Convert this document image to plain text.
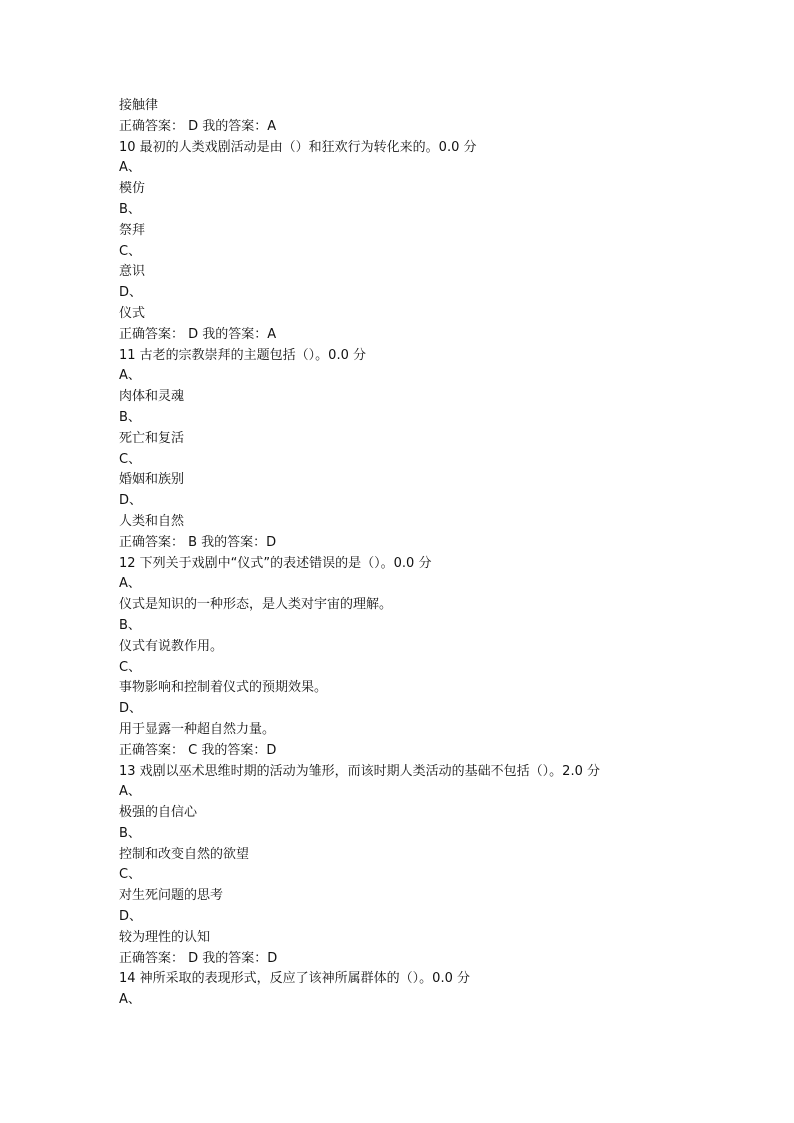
接触律

正确答案： D 我的答案：A

10 最初的人类戏剧活动是由（）和狂欢行为转化来的。0.0 分

A、

模仿

B、

祭拜

C、

意识

D、

仪式

正确答案： D 我的答案：A

11 古老的宗教崇拜的主题包括（）。0.0 分

A、

肉体和灵魂

B、

死亡和复活

C、

婚姻和族别

D、

人类和自然

正确答案： B 我的答案：D

12 下列关于戏剧中“仪式”的表述错误的是（）。0.0 分

A、

仪式是知识的一种形态，是人类对宇宙的理解。

B、

仪式有说教作用。

C、

事物影响和控制着仪式的预期效果。

D、

用于显露一种超自然力量。

正确答案： C 我的答案：D

13 戏剧以巫术思维时期的活动为雏形，而该时期人类活动的基础不包括（）。2.0 分

A、

极强的自信心

B、

控制和改变自然的欲望

C、

对生死问题的思考

D、

较为理性的认知

正确答案： D 我的答案：D

14 神所采取的表现形式，反应了该神所属群体的（）。0.0 分

A、
